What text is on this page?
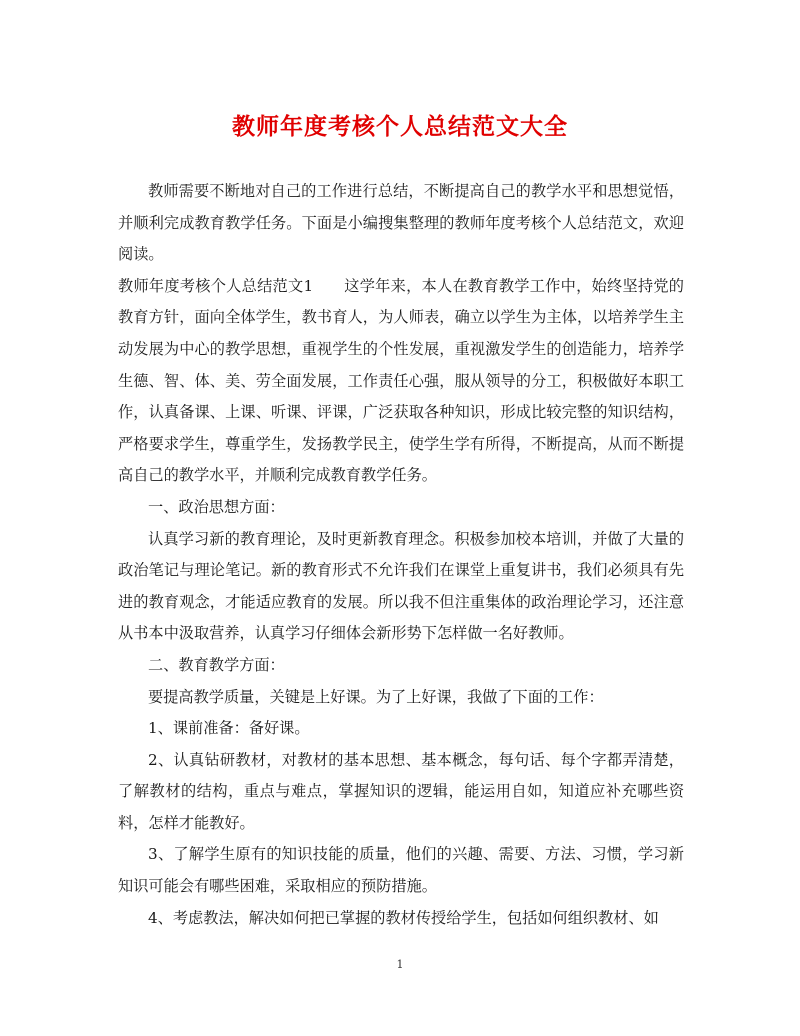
教师年度考核个人总结范文大全

教师需要不断地对自己的工作进行总结，不断提高自己的教学水平和思想觉悟，并顺利完成教育教学任务。下面是小编搜集整理的教师年度考核个人总结范文，欢迎阅读。

教师年度考核个人总结范文1　　这学年来，本人在教育教学工作中，始终坚持党的教育方针，面向全体学生，教书育人，为人师表，确立以学生为主体，以培养学生主动发展为中心的教学思想，重视学生的个性发展，重视激发学生的创造能力，培养学生德、智、体、美、劳全面发展，工作责任心强，服从领导的分工，积极做好本职工作，认真备课、上课、听课、评课，广泛获取各种知识，形成比较完整的知识结构，严格要求学生，尊重学生，发扬教学民主，使学生学有所得，不断提高，从而不断提高自己的教学水平，并顺利完成教育教学任务。

一、政治思想方面：

认真学习新的教育理论，及时更新教育理念。积极参加校本培训，并做了大量的政治笔记与理论笔记。新的教育形式不允许我们在课堂上重复讲书，我们必须具有先进的教育观念，才能适应教育的发展。所以我不但注重集体的政治理论学习，还注意从书本中汲取营养，认真学习仔细体会新形势下怎样做一名好教师。

二、教育教学方面：

要提高教学质量，关键是上好课。为了上好课，我做了下面的工作：

1、课前准备：备好课。

2、认真钻研教材，对教材的基本思想、基本概念，每句话、每个字都弄清楚，了解教材的结构，重点与难点，掌握知识的逻辑，能运用自如，知道应补充哪些资料，怎样才能教好。

3、了解学生原有的知识技能的质量，他们的兴趣、需要、方法、习惯，学习新知识可能会有哪些困难，采取相应的预防措施。

4、考虑教法，解决如何把已掌握的教材传授给学生，包括如何组织教材、如

1
